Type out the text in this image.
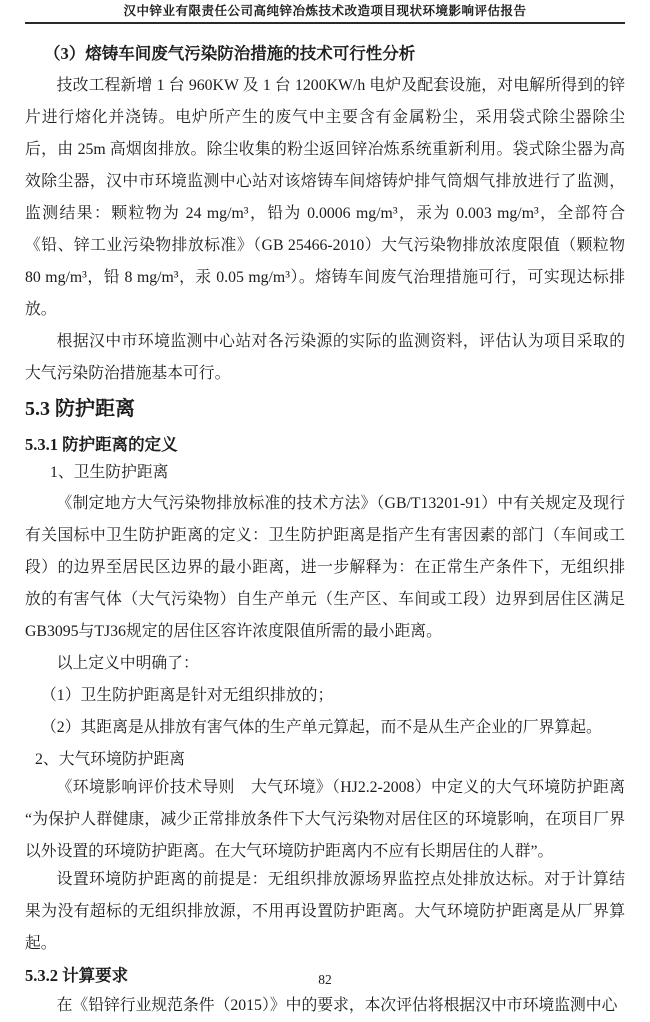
汉中锌业有限责任公司高纯锌冶炼技术改造项目现状环境影响评估报告

（3）熔铸车间废气污染防治措施的技术可行性分析

技改工程新增 1 台 960KW 及 1 台 1200KW/h 电炉及配套设施，对电解所得到的锌片进行熔化并浇铸。电炉所产生的废气中主要含有金属粉尘，采用袋式除尘器除尘后，由 25m 高烟囱排放。除尘收集的粉尘返回锌冶炼系统重新利用。袋式除尘器为高效除尘器，汉中市环境监测中心站对该熔铸车间熔铸炉排气筒烟气排放进行了监测，监测结果：颗粒物为 24 mg/m³，铅为 0.0006 mg/m³，汞为 0.003 mg/m³，全部符合《铅、锌工业污染物排放标准》（GB 25466-2010）大气污染物排放浓度限值（颗粒物 80 mg/m³，铅 8 mg/m³，汞 0.05 mg/m³）。熔铸车间废气治理措施可行，可实现达标排放。

根据汉中市环境监测中心站对各污染源的实际的监测资料，评估认为项目采取的大气污染防治措施基本可行。

5.3 防护距离

5.3.1 防护距离的定义

1、卫生防护距离

《制定地方大气污染物排放标准的技术方法》（GB/T13201-91）中有关规定及现行有关国标中卫生防护距离的定义：卫生防护距离是指产生有害因素的部门（车间或工段）的边界至居民区边界的最小距离，进一步解释为：在正常生产条件下，无组织排放的有害气体（大气污染物）自生产单元（生产区、车间或工段）边界到居住区满足GB3095与TJ36规定的居住区容许浓度限值所需的最小距离。

以上定义中明确了：

（1）卫生防护距离是针对无组织排放的；

（2）其距离是从排放有害气体的生产单元算起，而不是从生产企业的厂界算起。

2、大气环境防护距离

《环境影响评价技术导则　大气环境》（HJ2.2-2008）中定义的大气环境防护距离“为保护人群健康，减少正常排放条件下大气污染物对居住区的环境影响，在项目厂界以外设置的环境防护距离。在大气环境防护距离内不应有长期居住的人群”。

设置环境防护距离的前提是：无组织排放源场界监控点处排放达标。对于计算结果为没有超标的无组织排放源，不用再设置防护距离。大气环境防护距离是从厂界算起。

5.3.2 计算要求

在《铅锌行业规范条件（2015）》中的要求，本次评估将根据汉中市环境监测中心

82
